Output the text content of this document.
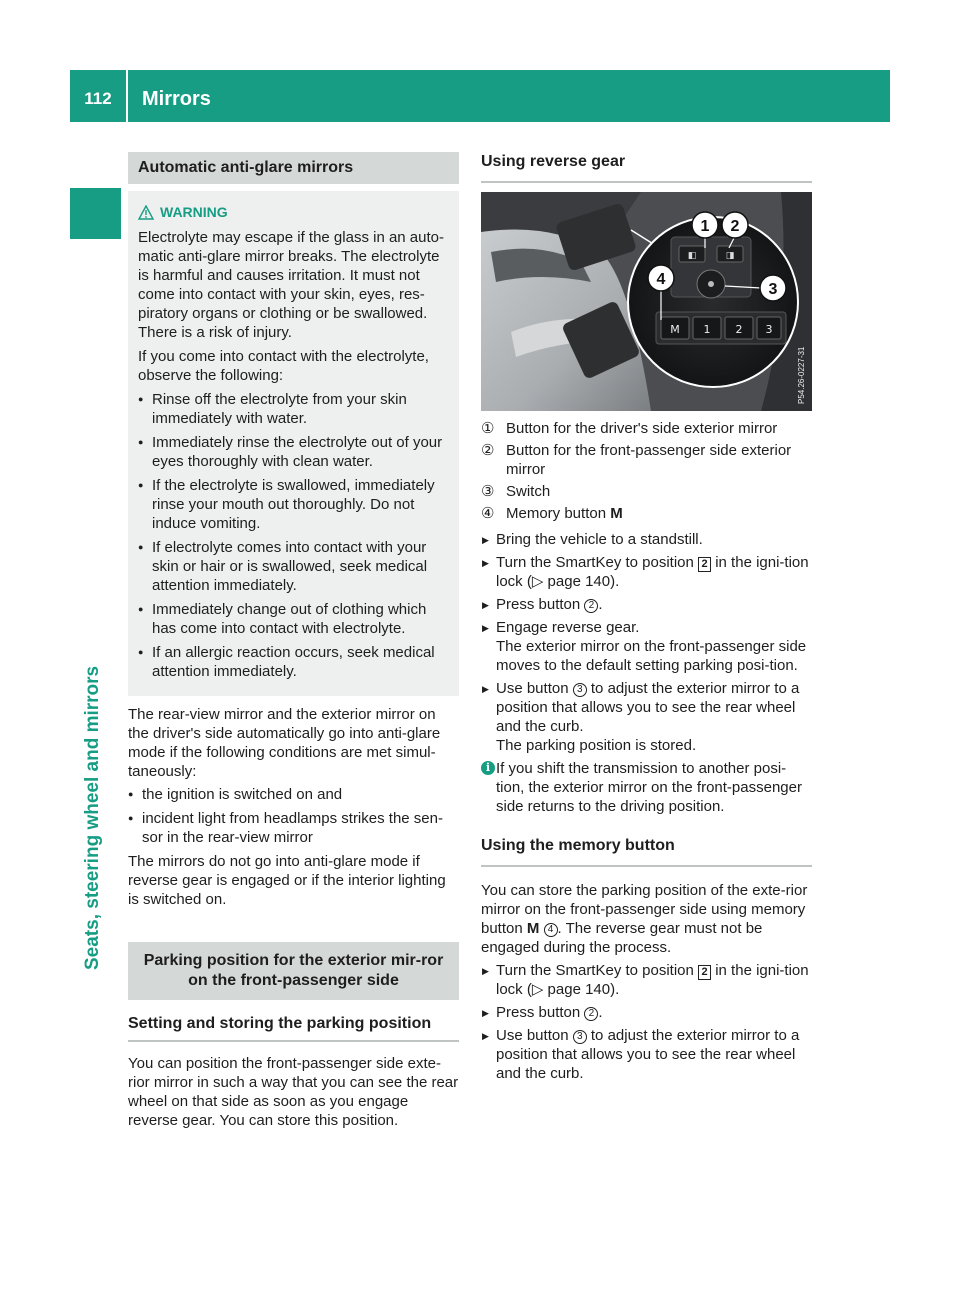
112	Mirrors
Seats, steering wheel and mirrors
Automatic anti-glare mirrors
WARNING

Electrolyte may escape if the glass in an auto-matic anti-glare mirror breaks. The electrolyte is harmful and causes irritation. It must not come into contact with your skin, eyes, res-piratory organs or clothing or be swallowed. There is a risk of injury.

If you come into contact with the electrolyte, observe the following:

● Rinse off the electrolyte from your skin immediately with water.
● Immediately rinse the electrolyte out of your eyes thoroughly with clean water.
● If the electrolyte is swallowed, immediately rinse your mouth out thoroughly. Do not induce vomiting.
● If electrolyte comes into contact with your skin or hair or is swallowed, seek medical attention immediately.
● Immediately change out of clothing which has come into contact with electrolyte.
● If an allergic reaction occurs, seek medical attention immediately.

The rear-view mirror and the exterior mirror on the driver's side automatically go into anti-glare mode if the following conditions are met simul-taneously:

● the ignition is switched on and
● incident light from headlamps strikes the sen-sor in the rear-view mirror

The mirrors do not go into anti-glare mode if reverse gear is engaged or if the interior lighting is switched on.

Parking position for the exterior mir-ror on the front-passenger side
Setting and storing the parking position

You can position the front-passenger side exte-rior mirror in such a way that you can see the rear wheel on that side as soon as you engage reverse gear. You can store this position.

Using reverse gear
◧	◨
M 1 2 3
1 2
3
4
P54.26-0227-31
① Button for the driver's side exterior mirror
② Button for the front-passenger side exterior mirror
③ Switch
④ Memory button M
▶ Bring the vehicle to a standstill.
▶ Turn the SmartKey to position 2 in the igni-tion lock (▷ page 140).
▶ Press button 2 .
▶ Engage reverse gear.
The exterior mirror on the front-passenger side moves to the default setting parking posi-tion.
▶ Use button 3 to adjust the exterior mirror to a position that allows you to see the rear wheel and the curb.
The parking position is stored.
i If you shift the transmission to another posi-tion, the exterior mirror on the front-passenger side returns to the driving position.
Using the memory button

You can store the parking position of the exte-rior mirror on the front-passenger side using memory button M 4 . The reverse gear must not be engaged during the process.

▶ Turn the SmartKey to position 2 in the igni-tion lock (▷ page 140).
▶ Press button 2 .
▶ Use button 3 to adjust the exterior mirror to a position that allows you to see the rear wheel and the curb.
